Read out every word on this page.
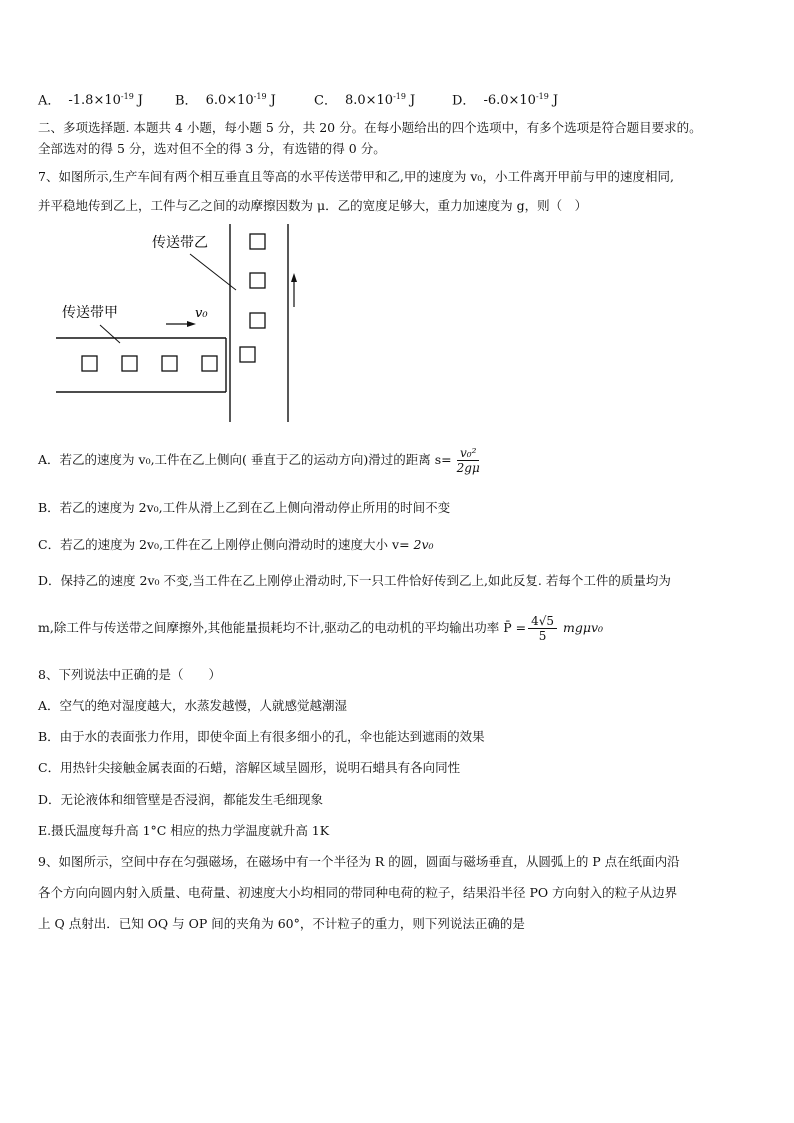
A． $-1.8\times 10^{-19}$ J B． $6.0\times 10^{-19}$ J	C． $8.0\times 10^{-19}$ J	D． $-6.0\times 10^{-19}$ J
二、多项选择题. 本题共 4 小题，每小题 5 分，共 20 分。在每小题给出的四个选项中，有多个选项是符合题目要求的。
全部选对的得 5 分，选对但不全的得 3 分，有选错的得 0 分。
7、如图所示,生产车间有两个相互垂直且等高的水平传送带甲和乙,甲的速度为 v₀，小工件离开甲前与甲的速度相同,
并平稳地传到乙上，工件与乙之间的动摩擦因数为 μ．乙的宽度足够大，重力加速度为 g，则（　）
v₀
传送带乙
传送带甲
A．若乙的速度为 v₀,工件在乙上侧向( 垂直于乙的运动方向)滑过的距离 $s= \frac{\text{v₀²}}{2g\mu}$
B．若乙的速度为 2v₀,工件从滑上乙到在乙上侧向滑动停止所用的时间不变
C．若乙的速度为 2v₀,工件在乙上刚停止侧向滑动时的速度大小 v= 2v₀
D．保持乙的速度 2v₀ 不变,当工件在乙上刚停止滑动时,下一只工件恰好传到乙上,如此反复. 若每个工件的质量均为
m,除工件与传送带之间摩擦外,其他能量损耗均不计,驱动乙的电动机的平均输出功率 P̄ = $\frac{4√5}{5} mg\mu v_0$
8、下列说法中正确的是（　　）
A．空气的绝对湿度越大，水蒸发越慢，人就感觉越潮湿
B．由于水的表面张力作用，即使伞面上有很多细小的孔，伞也能达到遮雨的效果
C．用热针尖接触金属表面的石蜡，溶解区域呈圆形，说明石蜡具有各向同性
D．无论液体和细管壁是否浸润，都能发生毛细现象
E.摄氏温度每升高 1°C 相应的热力学温度就升高 1K
9、如图所示，空间中存在匀强磁场，在磁场中有一个半径为 R 的圆，圆面与磁场垂直，从圆弧上的 P 点在纸面内沿
各个方向向圆内射入质量、电荷量、初速度大小均相同的带同种电荷的粒子，结果沿半径 PO 方向射入的粒子从边界
上 Q 点射出．已知 OQ 与 OP 间的夹角为 60°，不计粒子的重力，则下列说法正确的是
